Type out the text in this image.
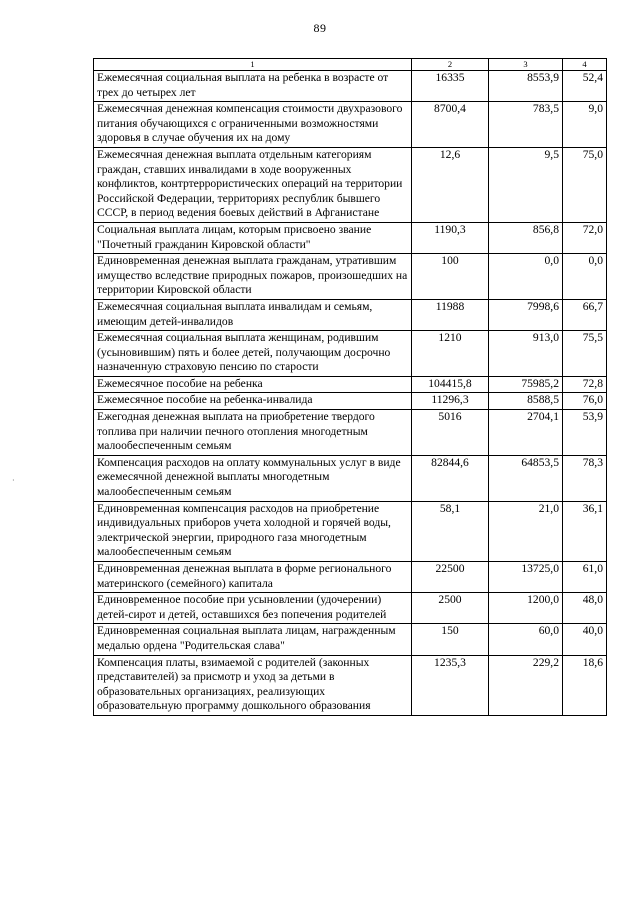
89
·
1	2	3	4
Ежемесячная социальная выплата на ребенка в возрасте от трех до четырех лет	16335	8553,9	52,4
Ежемесячная денежная компенсация стоимости двухразового питания обучающихся с ограниченными возможностями здоровья в случае обучения их на дому	8700,4	783,5	9,0
Ежемесячная денежная выплата отдельным категориям граждан, ставших инвалидами в ходе вооруженных конфликтов, контртеррористических операций на территории Российской Федерации, территориях республик бывшего СССР, в период ведения боевых действий в Афганистане	12,6	9,5	75,0
Социальная выплата лицам, которым присвоено звание "Почетный гражданин Кировской области"	1190,3	856,8	72,0
Единовременная денежная выплата гражданам, утратившим имущество вследствие природных пожаров, произошедших на территории Кировской области	100	0,0	0,0
Ежемесячная социальная выплата инвалидам и семьям, имеющим детей-инвалидов	11988	7998,6	66,7
Ежемесячная социальная выплата женщинам, родившим (усыновившим) пять и более детей, получающим досрочно назначенную страховую пенсию по старости	1210	913,0	75,5
Ежемесячное пособие на ребенка	104415,8	75985,2	72,8
Ежемесячное пособие на ребенка-инвалида	11296,3	8588,5	76,0
Ежегодная денежная выплата на приобретение твердого топлива при наличии печного отопления многодетным малообеспеченным семьям	5016	2704,1	53,9
Компенсация расходов на оплату коммунальных услуг в виде ежемесячной денежной выплаты многодетным малообеспеченным семьям	82844,6	64853,5	78,3
Единовременная компенсация расходов на приобретение индивидуальных приборов учета холодной и горячей воды, электрической энергии, природного газа многодетным малообеспеченным семьям	58,1	21,0	36,1
Единовременная денежная выплата в форме регионального материнского (семейного) капитала	22500	13725,0	61,0
Единовременное пособие при усыновлении (удочерении) детей-сирот и детей, оставшихся без попечения родителей	2500	1200,0	48,0
Единовременная социальная выплата лицам, награжденным медалью ордена "Родительская слава"	150	60,0	40,0
Компенсация платы, взимаемой с родителей (законных представителей) за присмотр и уход за детьми в образовательных организациях, реализующих образовательную программу дошкольного образования	1235,3	229,2	18,6
